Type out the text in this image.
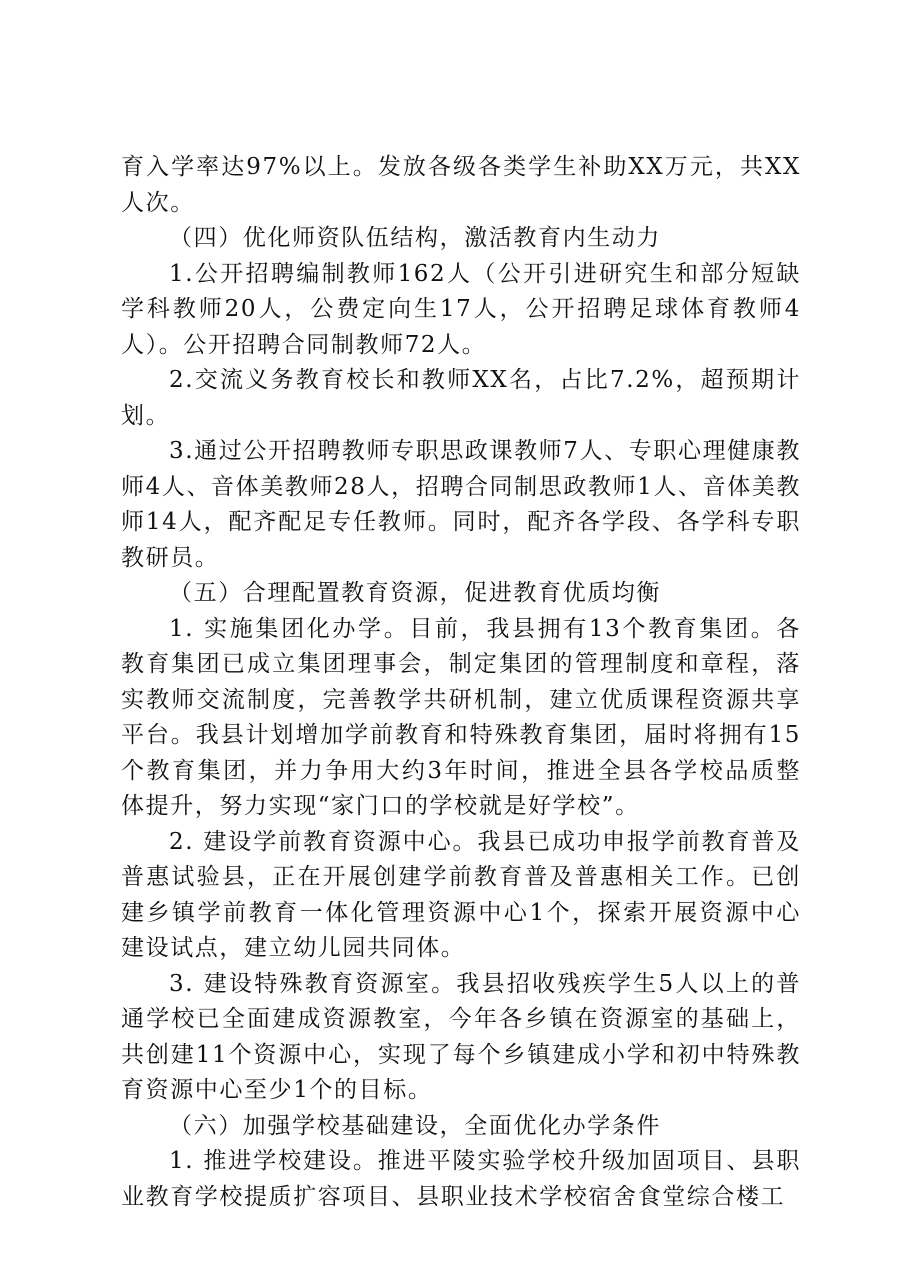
育入学率达97%以上。发放各级各类学生补助XX万元，共XX人次。

（四）优化师资队伍结构，激活教育内生动力

1.公开招聘编制教师162人（公开引进研究生和部分短缺学科教师20人，公费定向生17人，公开招聘足球体育教师4人）。公开招聘合同制教师72人。

2.交流义务教育校长和教师XX名，占比7.2%，超预期计划。

3.通过公开招聘教师专职思政课教师7人、专职心理健康教师4人、音体美教师28人，招聘合同制思政教师1人、音体美教师14人，配齐配足专任教师。同时，配齐各学段、各学科专职教研员。

（五）合理配置教育资源，促进教育优质均衡

1. 实施集团化办学。目前，我县拥有13个教育集团。各教育集团已成立集团理事会，制定集团的管理制度和章程，落实教师交流制度，完善教学共研机制，建立优质课程资源共享平台。我县计划增加学前教育和特殊教育集团，届时将拥有15个教育集团，并力争用大约3年时间，推进全县各学校品质整体提升，努力实现“家门口的学校就是好学校”。

2. 建设学前教育资源中心。我县已成功申报学前教育普及普惠试验县，正在开展创建学前教育普及普惠相关工作。已创建乡镇学前教育一体化管理资源中心1个，探索开展资源中心建设试点，建立幼儿园共同体。

3. 建设特殊教育资源室。我县招收残疾学生5人以上的普通学校已全面建成资源教室，今年各乡镇在资源室的基础上，共创建11个资源中心，实现了每个乡镇建成小学和初中特殊教育资源中心至少1个的目标。

（六）加强学校基础建设，全面优化办学条件

1. 推进学校建设。推进平陵实验学校升级加固项目、县职业教育学校提质扩容项目、县职业技术学校宿舍食堂综合楼工
